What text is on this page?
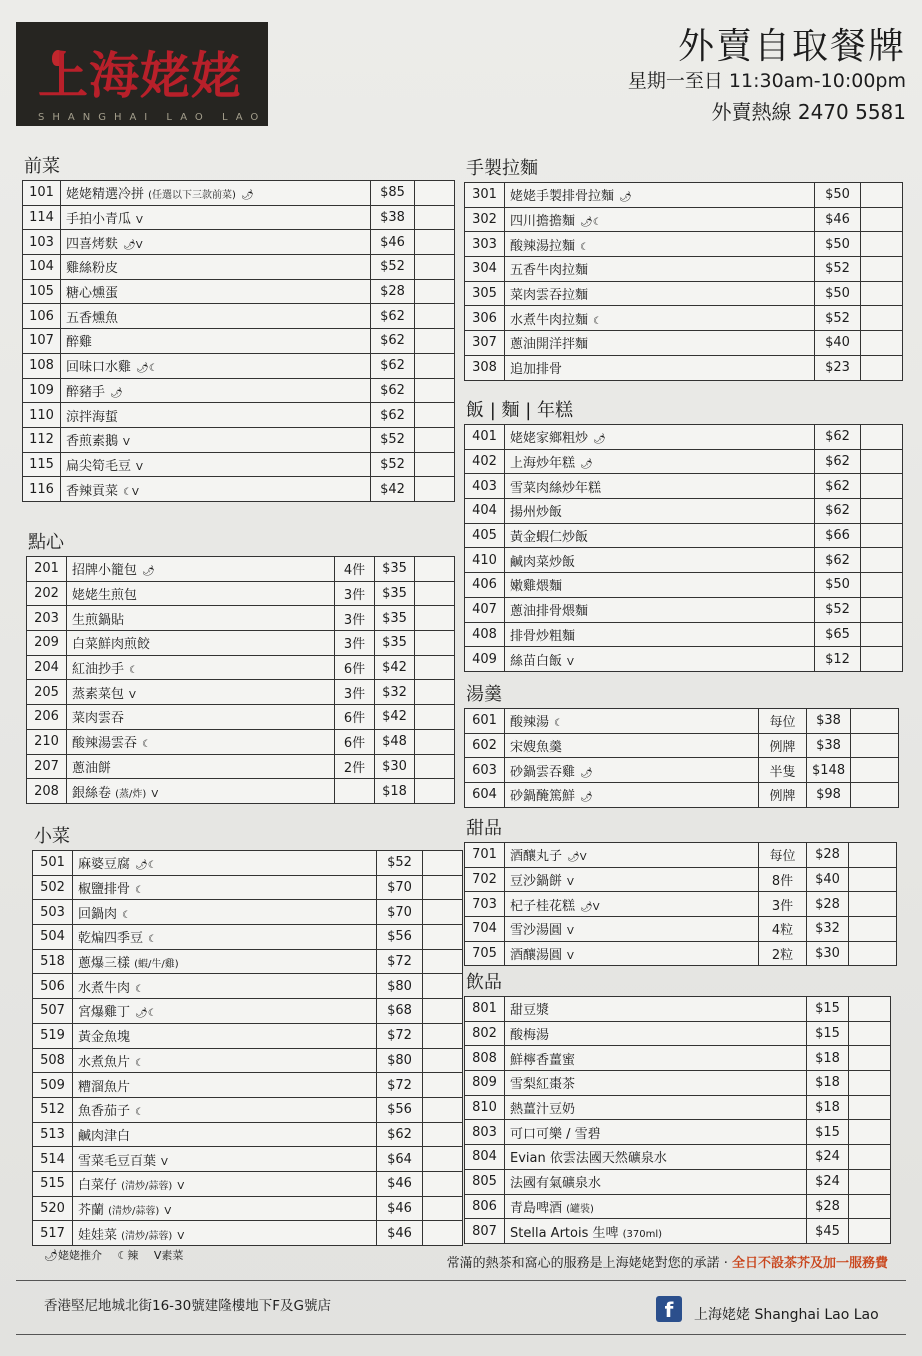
上海姥姥
SHANGHAI LAO LAO
外賣自取餐牌
星期一至日 11:30am-10:00pm
外賣熱線 2470 5581
前菜
101	姥姥精選冷拼 (任選以下三款前菜) 🌶	$85	
114	手拍小青瓜 V	$38	
103	四喜烤麩 🌶V	$46	
104	雞絲粉皮	$52	
105	糖心燻蛋	$28	
106	五香燻魚	$62	
107	醉雞	$62	
108	回味口水雞 🌶☾	$62	
109	醉豬手 🌶	$62	
110	涼拌海蜇	$62	
112	香煎素鵝 V	$52	
115	扁尖筍毛豆 V	$52	
116	香辣貢菜 ☾V	$42	
點心
201	招牌小籠包 🌶	4件	$35	
202	姥姥生煎包	3件	$35	
203	生煎鍋貼	3件	$35	
209	白菜鮮肉煎餃	3件	$35	
204	紅油抄手 ☾	6件	$42	
205	蒸素菜包 V	3件	$32	
206	菜肉雲吞	6件	$42	
210	酸辣湯雲吞 ☾	6件	$48	
207	蔥油餅	2件	$30	
208	銀絲卷 (蒸/炸) V		$18	
小菜
501	麻婆豆腐 🌶☾	$52	
502	椒鹽排骨 ☾	$70	
503	回鍋肉 ☾	$70	
504	乾煸四季豆 ☾	$56	
518	蔥爆三樣 (蝦/牛/雞)	$72	
506	水煮牛肉 ☾	$80	
507	宮爆雞丁 🌶☾	$68	
519	黃金魚塊	$72	
508	水煮魚片 ☾	$80	
509	糟溜魚片	$72	
512	魚香茄子 ☾	$56	
513	鹹肉津白	$62	
514	雪菜毛豆百葉 V	$64	
515	白菜仔 (清炒/蒜蓉) V	$46	
520	芥蘭 (清炒/蒜蓉) V	$46	
517	娃娃菜 (清炒/蒜蓉) V	$46	
手製拉麵
301	姥姥手製排骨拉麵 🌶	$50	
302	四川擔擔麵 🌶☾	$46	
303	酸辣湯拉麵 ☾	$50	
304	五香牛肉拉麵	$52	
305	菜肉雲吞拉麵	$50	
306	水煮牛肉拉麵 ☾	$52	
307	蔥油開洋拌麵	$40	
308	追加排骨	$23	
飯 | 麵 | 年糕
401	姥姥家鄉粗炒 🌶	$62	
402	上海炒年糕 🌶	$62	
403	雪菜肉絲炒年糕	$62	
404	揚州炒飯	$62	
405	黃金蝦仁炒飯	$66	
410	鹹肉菜炒飯	$62	
406	嫩雞煨麵	$50	
407	蔥油排骨煨麵	$52	
408	排骨炒粗麵	$65	
409	絲苗白飯 V	$12	
湯羹
601	酸辣湯 ☾	每位	$38	
602	宋嫂魚羹	例牌	$38	
603	砂鍋雲吞雞 🌶	半隻	$148	
604	砂鍋醃篤鮮 🌶	例牌	$98	
甜品
701	酒釀丸子 🌶V	每位	$28	
702	豆沙鍋餅 V	8件	$40	
703	杞子桂花糕 🌶V	3件	$28	
704	雪沙湯圓 V	4粒	$32	
705	酒釀湯圓 V	2粒	$30	
飲品
801	甜豆漿	$15	
802	酸梅湯	$15	
808	鮮檸香薑蜜	$18	
809	雪梨紅棗茶	$18	
810	熱薑汁豆奶	$18	
803	可口可樂 / 雪碧	$15	
804	Evian 依雲法國天然礦泉水	$24	
805	法國有氣礦泉水	$24	
806	青島啤酒 (罐裝)	$28	
807	Stella Artois 生啤 (370ml)	$45	
🌶姥姥推介 ☾辣 V素菜
常滿的熱茶和窩心的服務是上海姥姥對您的承諾 · 全日不設茶芥及加一服務費
香港堅尼地城北街16-30號建隆樓地下F及G號店	f	上海姥姥 Shanghai Lao Lao
